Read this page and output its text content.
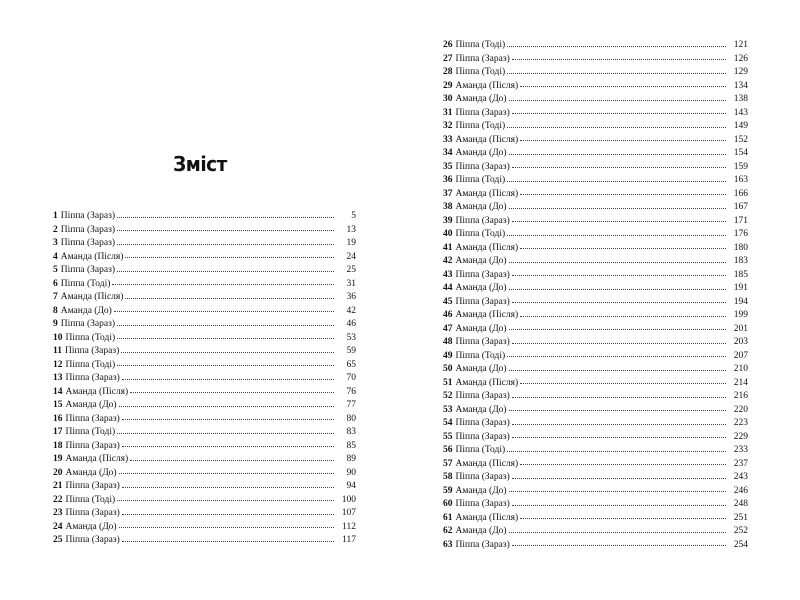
Зміст
1 Піппа (Зараз)	5
2 Піппа (Зараз)	13
3 Піппа (Зараз)	19
4 Аманда (Після)	24
5 Піппа (Зараз)	25
6 Піппа (Тоді)	31
7 Аманда (Після)	36
8 Аманда (До)	42
9 Піппа (Зараз)	46
10 Піппа (Тоді)	53
11 Піппа (Зараз)	59
12 Піппа (Тоді)	65
13 Піппа (Зараз)	70
14 Аманда (Після)	76
15 Аманда (До)	77
16 Піппа (Зараз)	80
17 Піппа (Тоді)	83
18 Піппа (Зараз)	85
19 Аманда (Після)	89
20 Аманда (До)	90
21 Піппа (Зараз)	94
22 Піппа (Тоді)	100
23 Піппа (Зараз)	107
24 Аманда (До)	112
25 Піппа (Зараз)	117
26 Піппа (Тоді)	121
27 Піппа (Зараз)	126
28 Піппа (Тоді)	129
29 Аманда (Після)	134
30 Аманда (До)	138
31 Піппа (Зараз)	143
32 Піппа (Тоді)	149
33 Аманда (Після)	152
34 Аманда (До)	154
35 Піппа (Зараз)	159
36 Піппа (Тоді)	163
37 Аманда (Після)	166
38 Аманда (До)	167
39 Піппа (Зараз)	171
40 Піппа (Тоді)	176
41 Аманда (Після)	180
42 Аманда (До)	183
43 Піппа (Зараз)	185
44 Аманда (До)	191
45 Піппа (Зараз)	194
46 Аманда (Після)	199
47 Аманда (До)	201
48 Піппа (Зараз)	203
49 Піппа (Тоді)	207
50 Аманда (До)	210
51 Аманда (Після)	214
52 Піппа (Зараз)	216
53 Аманда (До)	220
54 Піппа (Зараз)	223
55 Піппа (Зараз)	229
56 Піппа (Тоді)	233
57 Аманда (Після)	237
58 Піппа (Зараз)	243
59 Аманда (До)	246
60 Піппа (Зараз)	248
61 Аманда (Після)	251
62 Аманда (До)	252
63 Піппа (Зараз)	254
